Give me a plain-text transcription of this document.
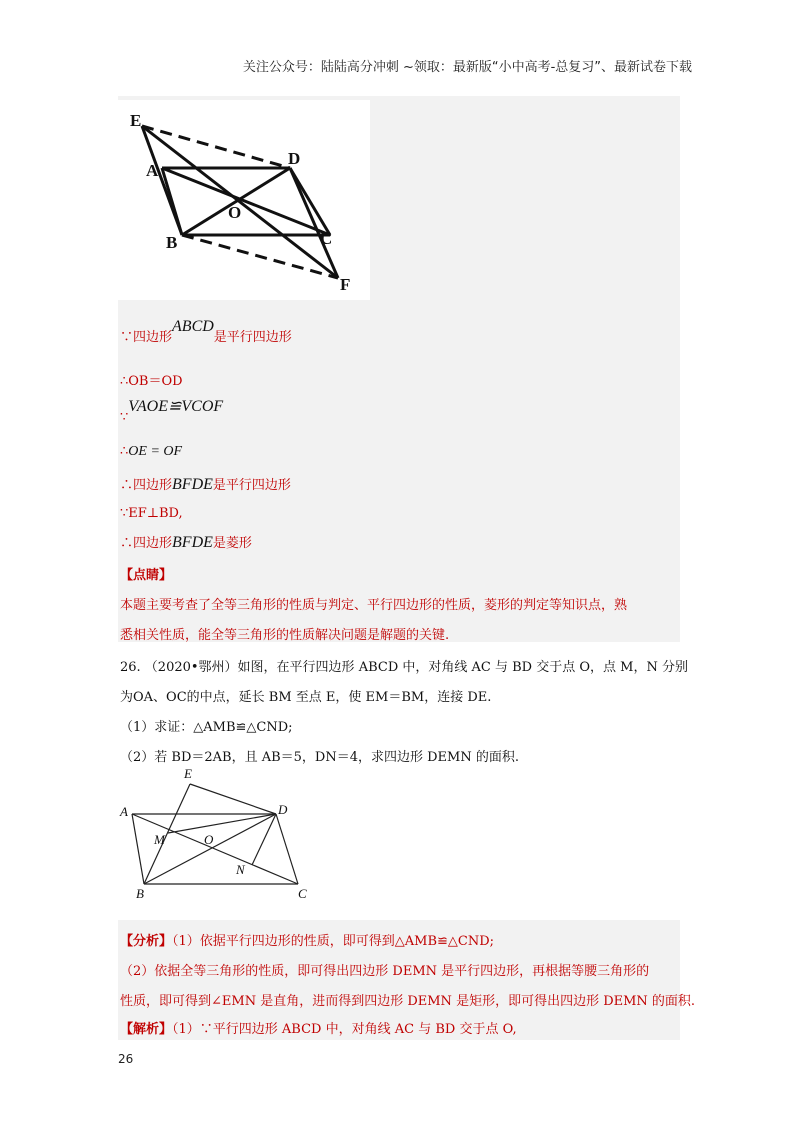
关注公众号：陆陆高分冲刺 ~领取：最新版“小中高考-总复习”、最新试卷下载
E
A
D
O
B	C
F
∵四边形ABCD是平行四边形
∴OB＝OD
∵VAOE≌VCOF
∴OE = OF
∴四边形BFDE是平行四边形
∵EF⊥BD,
∴四边形BFDE是菱形
【点睛】
本题主要考查了全等三角形的性质与判定、平行四边形的性质，菱形的判定等知识点，熟
悉相关性质，能全等三角形的性质解决问题是解题的关键.
26. （2020•鄂州）如图，在平行四边形 ABCD 中，对角线 AC 与 BD 交于点 O，点 M，N 分别
为OA、OC的中点，延长 BM 至点 E，使 EM＝BM，连接 DE.
（1）求证：△AMB≌△CND;
（2）若 BD＝2AB，且 AB＝5，DN＝4，求四边形 DEMN 的面积.
E
A	D
M	O
N
B	C
【分析】（1）依据平行四边形的性质，即可得到△AMB≌△CND;
（2）依据全等三角形的性质，即可得出四边形 DEMN 是平行四边形，再根据等腰三角形的
性质，即可得到∠EMN 是直角，进而得到四边形 DEMN 是矩形，即可得出四边形 DEMN 的面积.
【解析】（1）∵平行四边形 ABCD 中，对角线 AC 与 BD 交于点 O,
26
